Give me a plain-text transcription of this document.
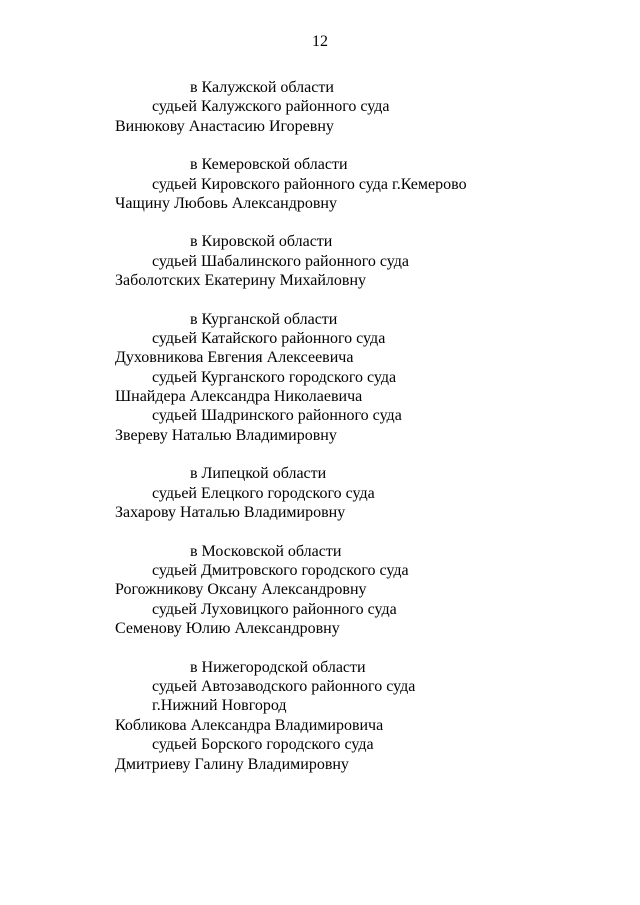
12
в Калужской области
судьей Калужского районного суда
Винюкову Анастасию Игоревну
в Кемеровской области
судьей Кировского районного суда г.Кемерово
Чащину Любовь Александровну
в Кировской области
судьей Шабалинского районного суда
Заболотских Екатерину Михайловну
в Курганской области
судьей Катайского районного суда
Духовникова Евгения Алексеевича
судьей Курганского городского суда
Шнайдера Александра Николаевича
судьей Шадринского районного суда
Звереву Наталью Владимировну
в Липецкой области
судьей Елецкого городского суда
Захарову Наталью Владимировну
в Московской области
судьей Дмитровского городского суда
Рогожникову Оксану Александровну
судьей Луховицкого районного суда
Семенову Юлию Александровну
в Нижегородской области
судьей Автозаводского районного суда
г.Нижний Новгород
Кобликова Александра Владимировича
судьей Борского городского суда
Дмитриеву Галину Владимировну
